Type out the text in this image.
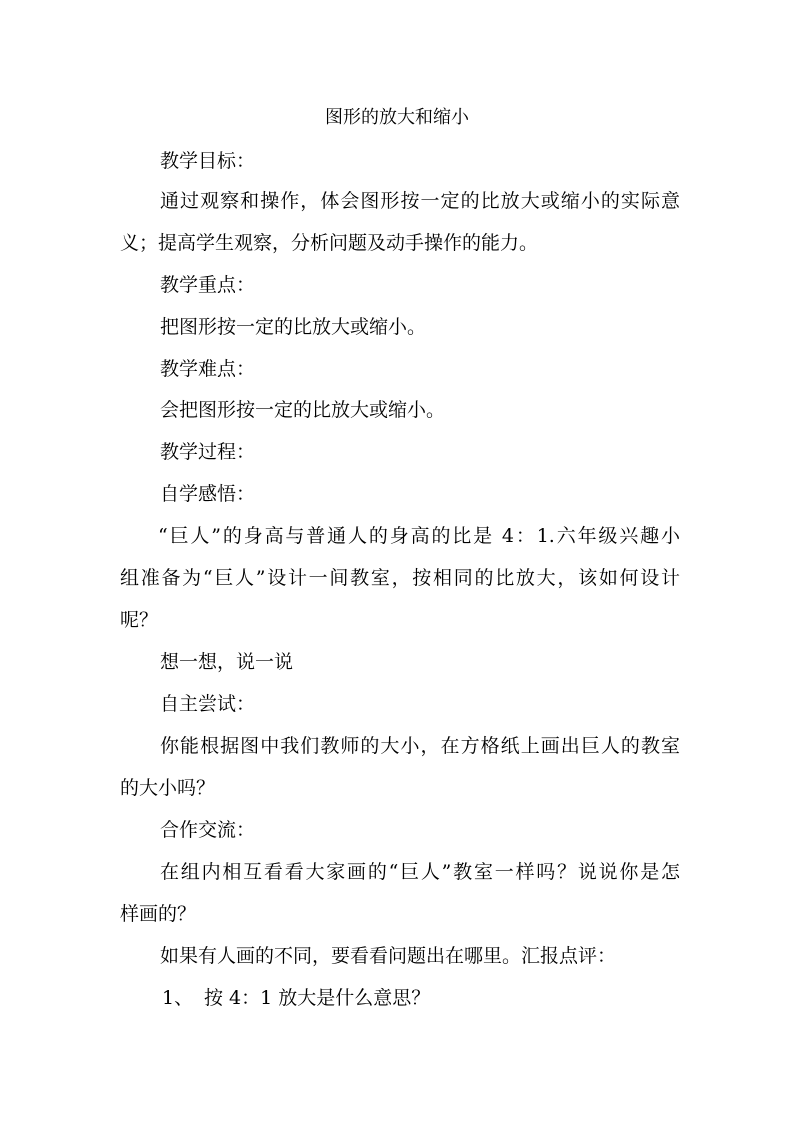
图形的放大和缩小
教学目标：
通过观察和操作，体会图形按一定的比放大或缩小的实际意
义；提高学生观察，分析问题及动手操作的能力。
教学重点：
把图形按一定的比放大或缩小。
教学难点：
会把图形按一定的比放大或缩小。
教学过程：
自学感悟：
“巨人”的身高与普通人的身高的比是 4：1.六年级兴趣小
组准备为“巨人”设计一间教室，按相同的比放大，该如何设计
呢？
想一想，说一说
自主尝试：
你能根据图中我们教师的大小，在方格纸上画出巨人的教室
的大小吗？
合作交流：
在组内相互看看大家画的“巨人”教室一样吗？说说你是怎
样画的？
如果有人画的不同，要看看问题出在哪里。汇报点评：
1、 按 4：1 放大是什么意思？
